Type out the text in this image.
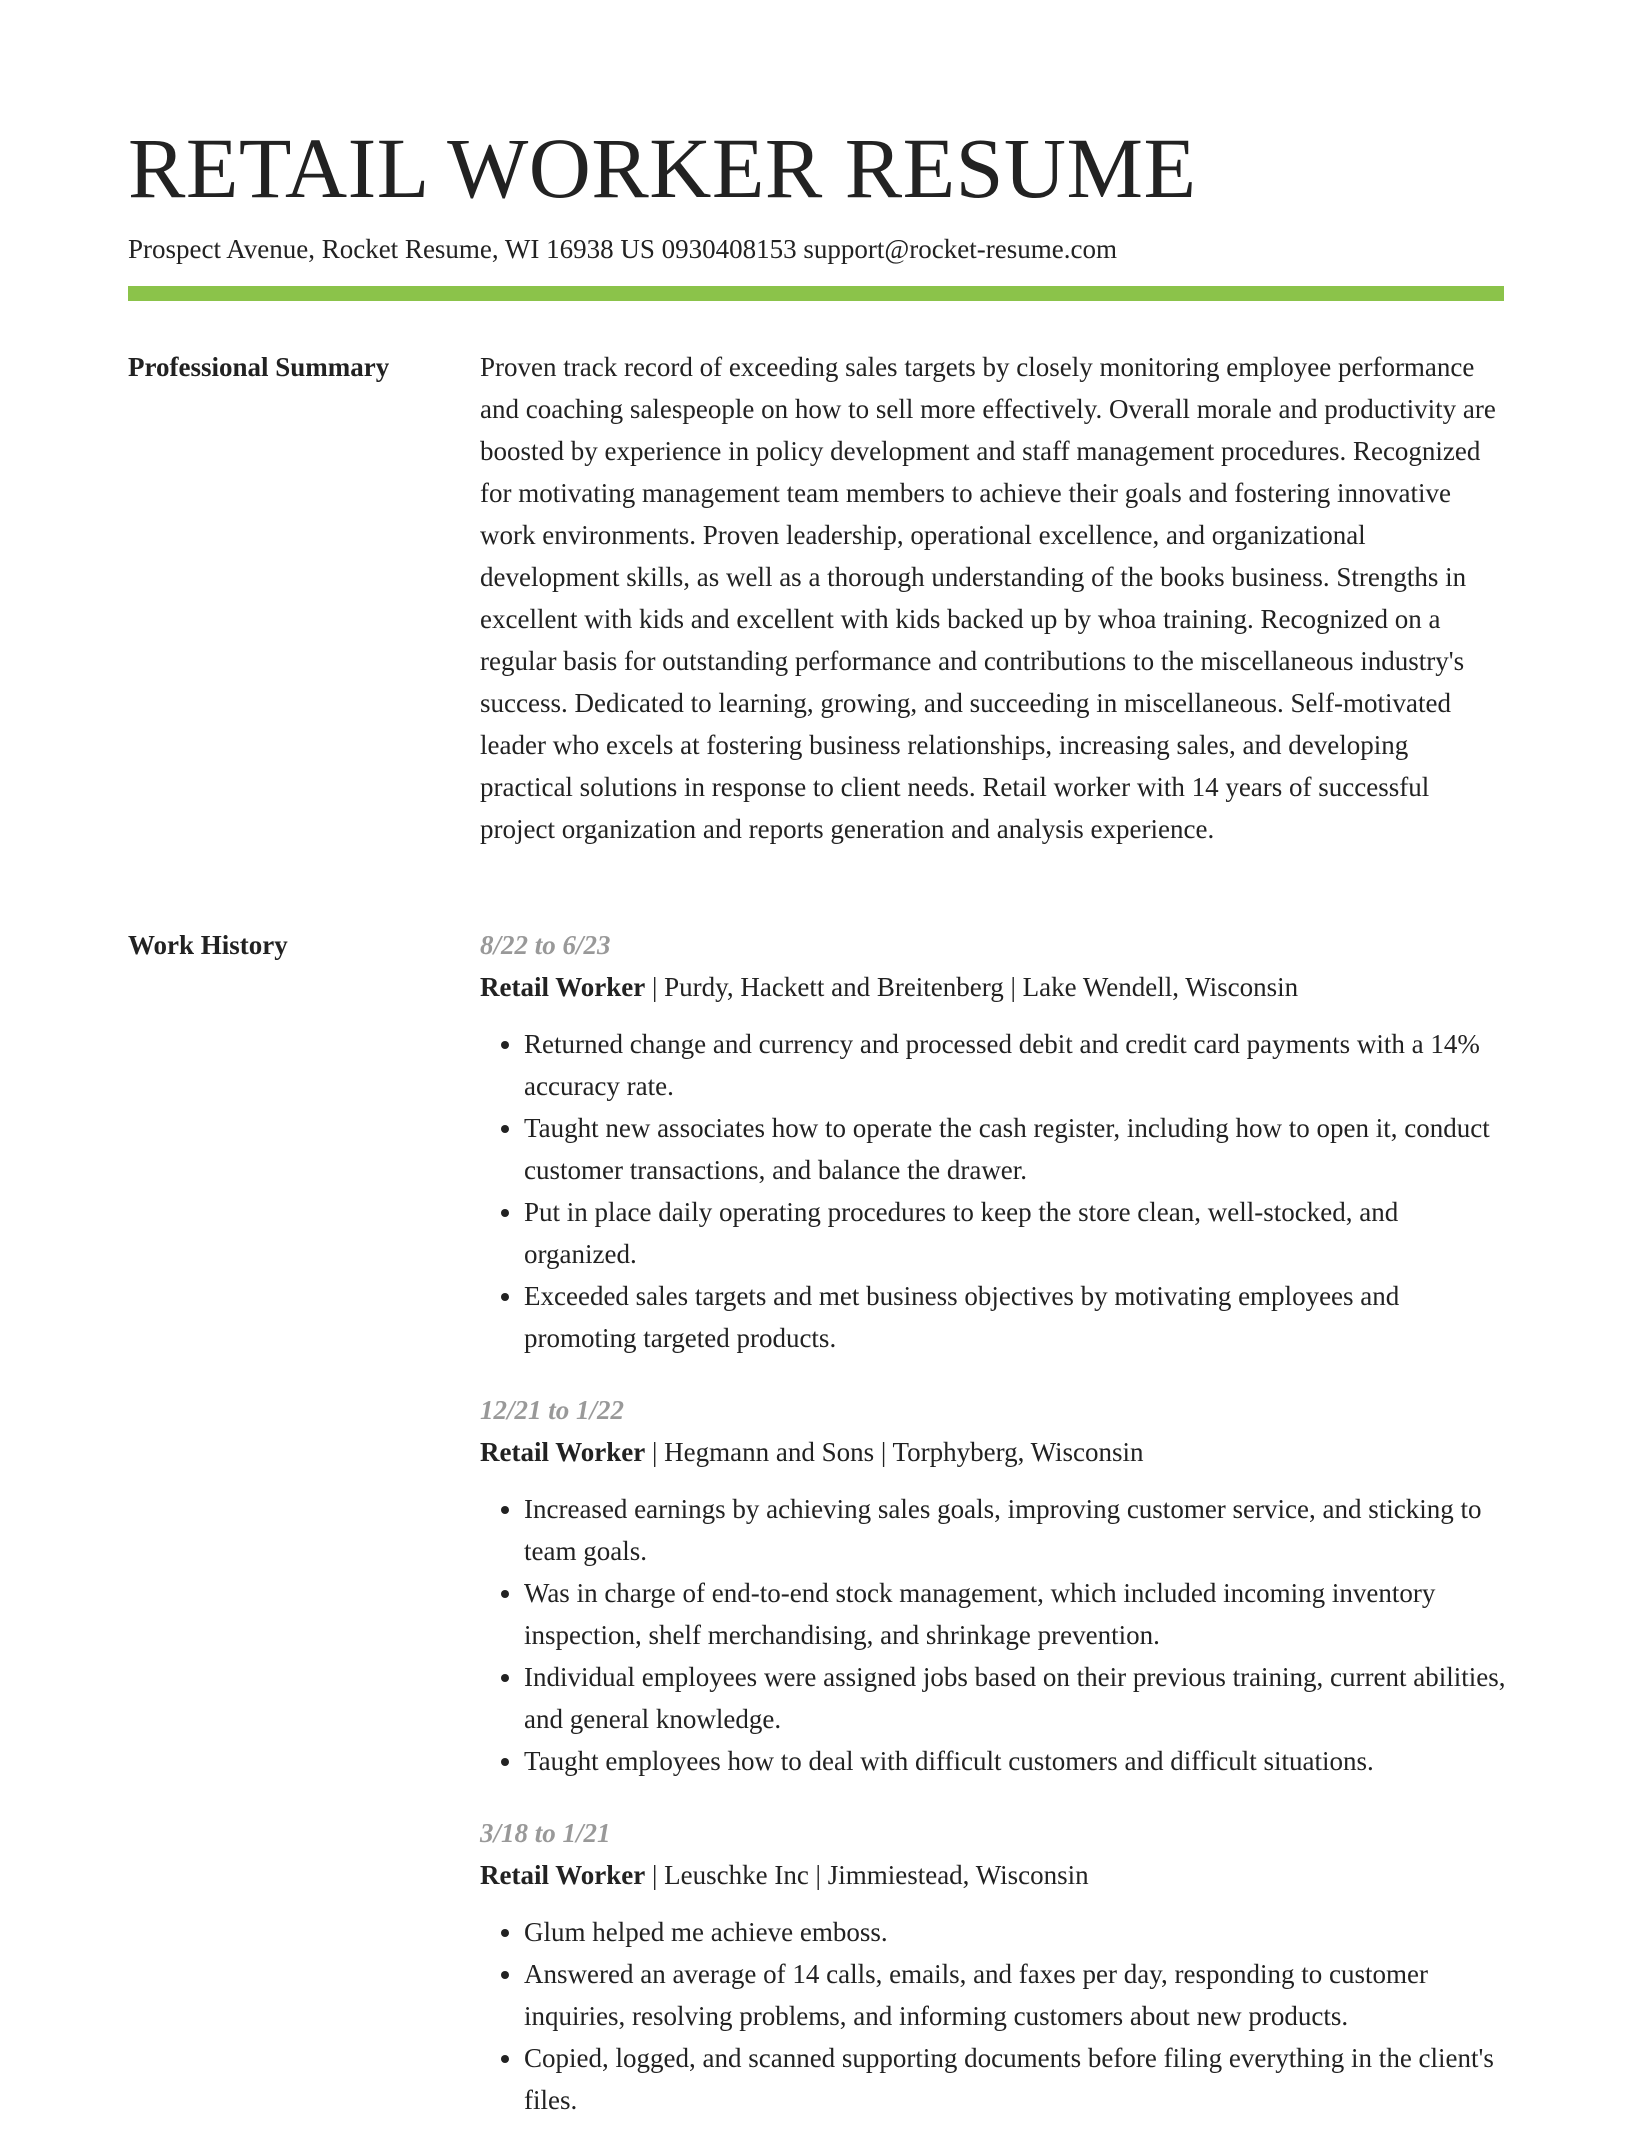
RETAIL WORKER RESUME
Prospect Avenue, Rocket Resume, WI 16938 US 0930408153 support@rocket-resume.com
Professional Summary	Proven track record of exceeding sales targets by closely monitoring employee performance and coaching salespeople on how to sell more effectively. Overall morale and productivity are boosted by experience in policy development and staff management procedures. Recognized for motivating management team members to achieve their goals and fostering innovative work environments. Proven leadership, operational excellence, and organizational development skills, as well as a thorough understanding of the books business. Strengths in excellent with kids and excellent with kids backed up by whoa training. Recognized on a regular basis for outstanding performance and contributions to the miscellaneous industry's success. Dedicated to learning, growing, and succeeding in miscellaneous. Self-motivated leader who excels at fostering business relationships, increasing sales, and developing practical solutions in response to client needs. Retail worker with 14 years of successful project organization and reports generation and analysis experience.

Work History	8/22 to 6/23
Retail Worker | Purdy, Hackett and Breitenberg | Lake Wendell, Wisconsin
• Returned change and currency and processed debit and credit card payments with a 14% accuracy rate.
• Taught new associates how to operate the cash register, including how to open it, conduct customer transactions, and balance the drawer.
• Put in place daily operating procedures to keep the store clean, well-stocked, and organized.
• Exceeded sales targets and met business objectives by motivating employees and promoting targeted products.
12/21 to 1/22
Retail Worker | Hegmann and Sons | Torphyberg, Wisconsin
• Increased earnings by achieving sales goals, improving customer service, and sticking to team goals.
• Was in charge of end-to-end stock management, which included incoming inventory inspection, shelf merchandising, and shrinkage prevention.
• Individual employees were assigned jobs based on their previous training, current abilities, and general knowledge.
• Taught employees how to deal with difficult customers and difficult situations.
3/18 to 1/21
Retail Worker | Leuschke Inc | Jimmiestead, Wisconsin
• Glum helped me achieve emboss.
• Answered an average of 14 calls, emails, and faxes per day, responding to customer inquiries, resolving problems, and informing customers about new products.
• Copied, logged, and scanned supporting documents before filing everything in the client's files.
